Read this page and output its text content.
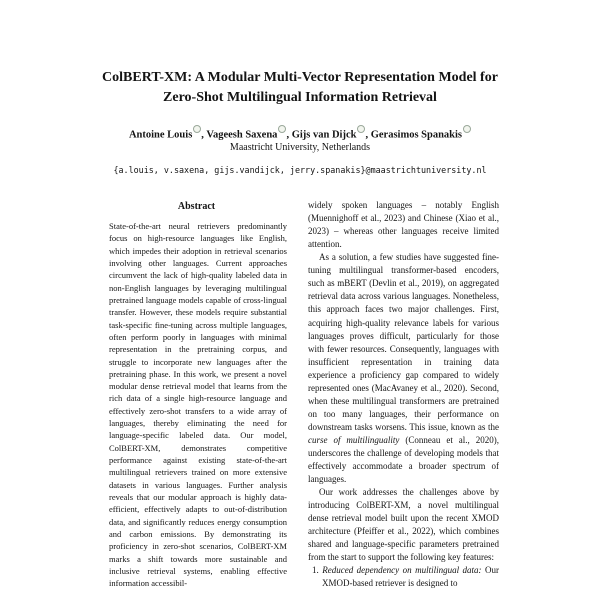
ColBERT-XM: A Modular Multi-Vector Representation Model for
Zero-Shot Multilingual Information Retrieval
Antoine Louis , Vageesh Saxena , Gijs van Dijck , Gerasimos Spanakis
Maastricht University, Netherlands
{a.louis, v.saxena, gijs.vandijck, jerry.spanakis}@maastrichtuniversity.nl
Abstract
State-of-the-art neural retrievers predominantly focus on high-resource languages like English, which impedes their adoption in retrieval scenarios involving other languages. Current approaches circumvent the lack of high-quality labeled data in non-English languages by leveraging multilingual pretrained language models capable of cross-lingual transfer. However, these models require substantial task-specific fine-tuning across multiple languages, often perform poorly in languages with minimal representation in the pretraining corpus, and struggle to incorporate new languages after the pretraining phase. In this work, we present a novel modular dense retrieval model that learns from the rich data of a single high-resource language and effectively zero-shot transfers to a wide array of languages, thereby eliminating the need for language-specific labeled data. Our model, ColBERT-XM, demonstrates competitive performance against existing state-of-the-art multilingual retrievers trained on more extensive datasets in various languages. Further analysis reveals that our modular approach is highly data-efficient, effectively adapts to out-of-distribution data, and significantly reduces energy consumption and carbon emissions. By demonstrating its proficiency in zero-shot scenarios, ColBERT-XM marks a shift towards more sustainable and inclusive retrieval systems, enabling effective information accessibil-

widely spoken languages – notably English (Muennighoff et al., 2023) and Chinese (Xiao et al., 2023) – whereas other languages receive limited attention.

As a solution, a few studies have suggested fine-tuning multilingual transformer-based encoders, such as mBERT (Devlin et al., 2019), on aggregated retrieval data across various languages. Nonetheless, this approach faces two major challenges. First, acquiring high-quality relevance labels for various languages proves difficult, particularly for those with fewer resources. Consequently, languages with insufficient representation in training data experience a proficiency gap compared to widely represented ones (MacAvaney et al., 2020). Second, when these multilingual transformers are pretrained on too many languages, their performance on downstream tasks worsens. This issue, known as the curse of multilinguality (Conneau et al., 2020), underscores the challenge of developing models that effectively accommodate a broader spectrum of languages.

Our work addresses the challenges above by introducing ColBERT-XM, a novel multilingual dense retrieval model built upon the recent XMOD architecture (Pfeiffer et al., 2022), which combines shared and language-specific parameters pretrained from the start to support the following key features:

1. Reduced dependency on multilingual data: Our XMOD-based retriever is designed to
